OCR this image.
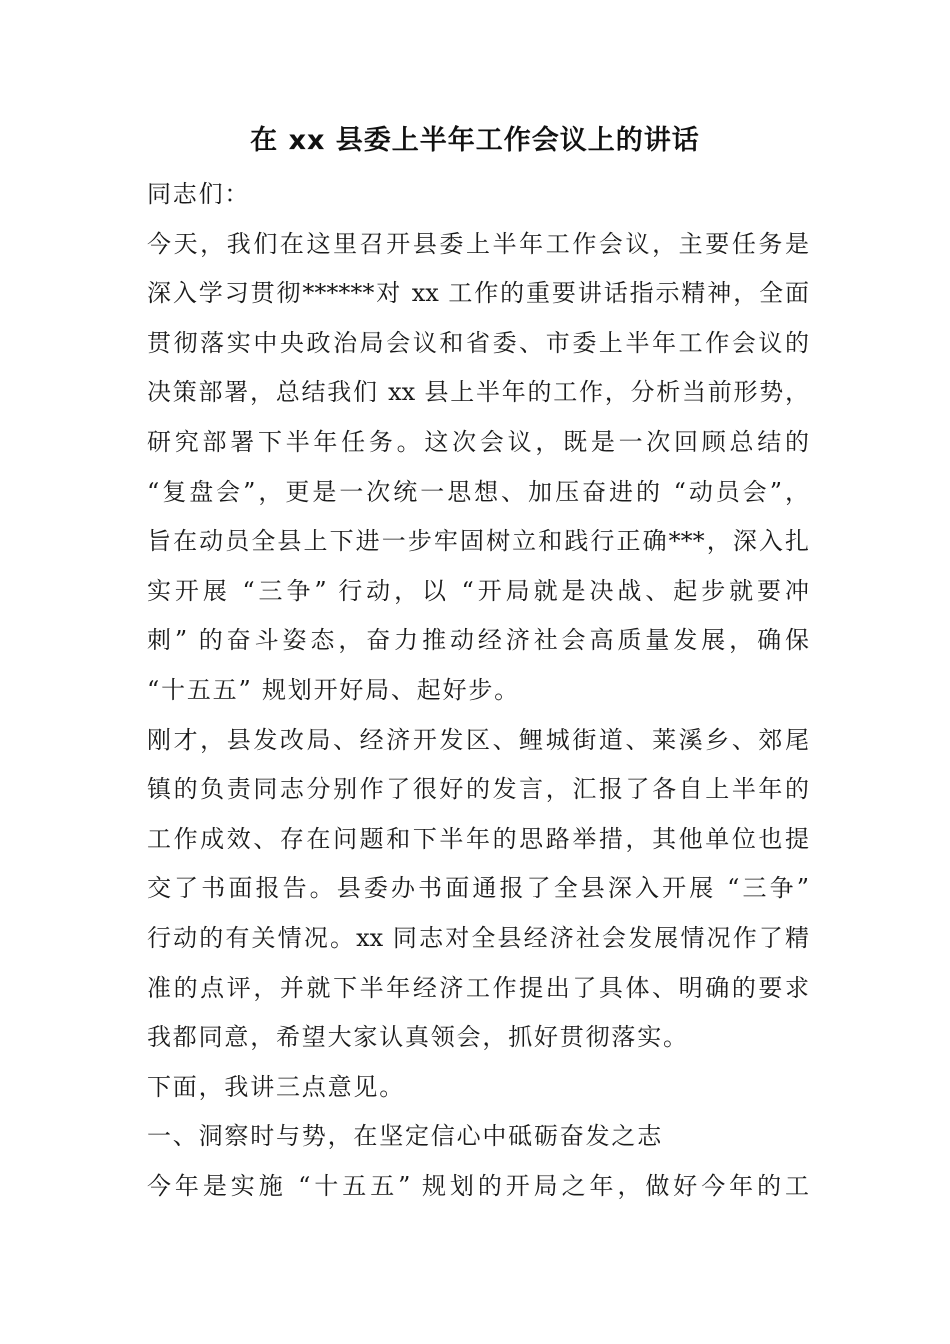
在 xx 县委上半年工作会议上的讲话
同志们：
今天，我们在这里召开县委上半年工作会议，主要任务是
深入学习贯彻******对 xx 工作的重要讲话指示精神，全面
贯彻落实中央政治局会议和省委、市委上半年工作会议的
决策部署，总结我们 xx 县上半年的工作，分析当前形势，
研究部署下半年任务。这次会议，既是一次回顾总结的
“复盘会”，更是一次统一思想、加压奋进的 “动员会”，
旨在动员全县上下进一步牢固树立和践行正确***，深入扎
实开展 “三争” 行动，以 “开局就是决战、起步就要冲
刺” 的奋斗姿态，奋力推动经济社会高质量发展，确保
“十五五” 规划开好局、起好步。
刚才，县发改局、经济开发区、鲤城街道、莱溪乡、郊尾
镇的负责同志分别作了很好的发言，汇报了各自上半年的
工作成效、存在问题和下半年的思路举措，其他单位也提
交了书面报告。县委办书面通报了全县深入开展 “三争”
行动的有关情况。xx 同志对全县经济社会发展情况作了精
准的点评，并就下半年经济工作提出了具体、明确的要求
我都同意，希望大家认真领会，抓好贯彻落实。
下面，我讲三点意见。
一、洞察时与势，在坚定信心中砥砺奋发之志
今年是实施 “十五五” 规划的开局之年，做好今年的工
